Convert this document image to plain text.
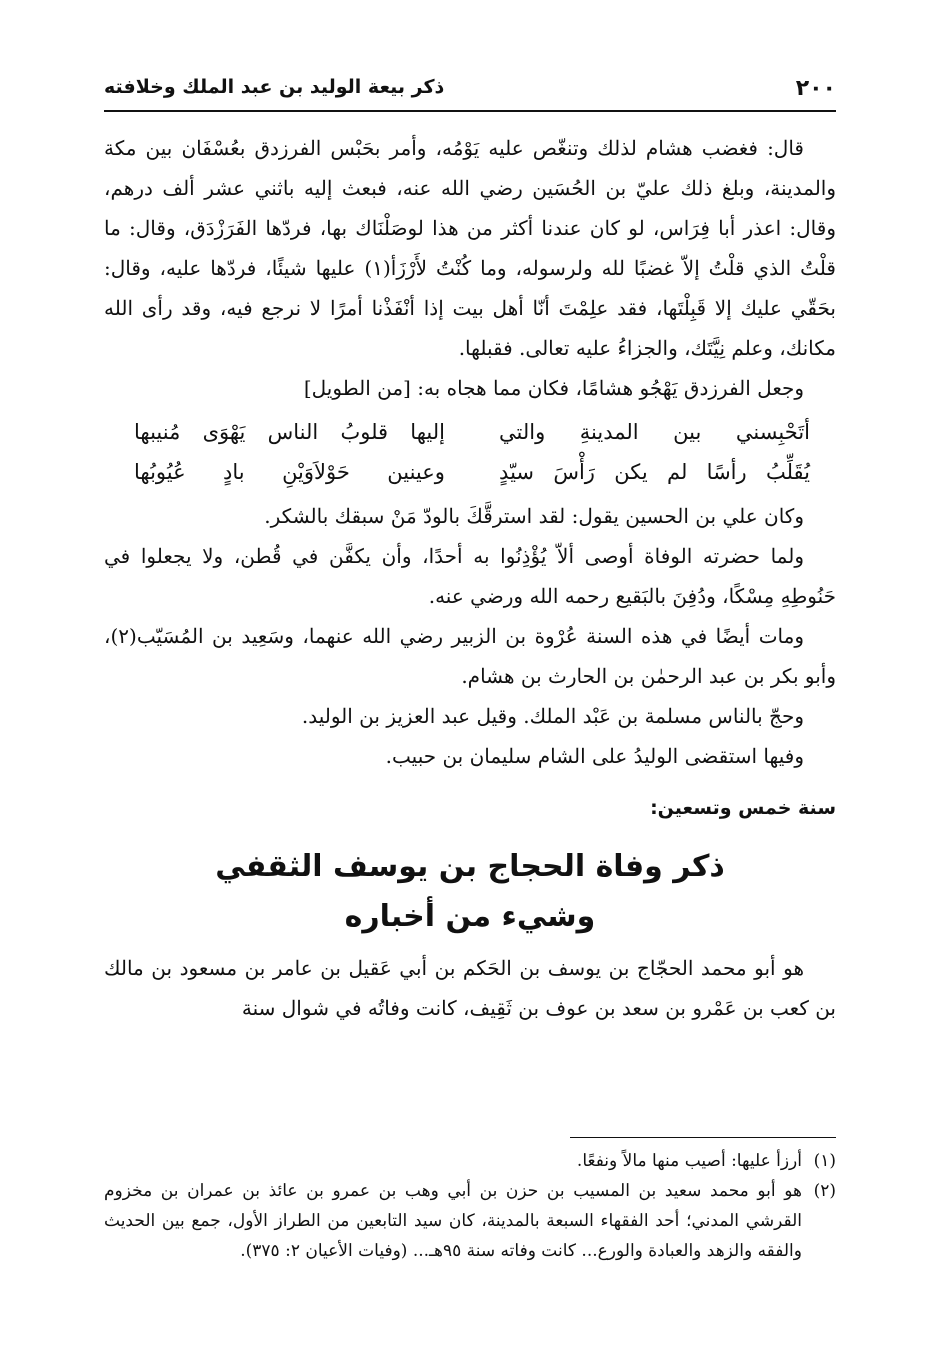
٢٠٠
ذكر بيعة الوليد بن عبد الملك وخلافته

قال: فغضب هشام لذلك وتنغّص عليه يَوْمُه، وأمر بحَبْس الفرزدق بعُسْفَان بين مكة والمدينة، وبلغ ذلك عليّ بن الحُسَين رضي الله عنه، فبعث إليه باثني عشر ألف درهم، وقال: اعذر أبا فِرَاس، لو كان عندنا أكثر من هذا لوصَلْنَاك بها، فردّها الفَرَزْدَق، وقال: ما قلْتُ الذي قلْتُ إلاّ غضبًا لله ولرسوله، وما كُنْتُ لأَرْزَأ(١) عليها شيئًا، فردّها عليه، وقال: بحَقّي عليك إلا قَبِلْتَها، فقد علِمْتَ أنّا أهل بيت إذا أنْفَذْنا أمرًا لا نرجع فيه، وقد رأى الله مكانك، وعلم نِيَّتَك، والجزاءُ عليه تعالى. فقبلها.

وجعل الفرزدق يَهْجُو هشامًا، فكان مما هجاه به: [من الطويل]

أتَحْبِسني بين المدينةِ والتي
إليها قلوبُ الناس يَهْوَى مُنيبها
يُقَلِّبُ رأسًا لم يكن رَأْسَ سيّدٍ
وعينين حَوْلاَوَيْنِ بادٍ عُيُوبُها

وكان علي بن الحسين يقول: لقد استرقَّكَ بالودّ مَنْ سبقك بالشكر.

ولما حضرته الوفاة أوصى ألاّ يُؤْذِنُوا به أحدًا، وأن يكفَّن في قُطن، ولا يجعلوا في حَنُوطِهِ مِسْكًا، ودُفِنَ بالبَقيع رحمه الله ورضي عنه.

ومات أيضًا في هذه السنة عُرْوة بن الزبير رضي الله عنهما، وسَعِيد بن المُسَيّب(٢)، وأبو بكر بن عبد الرحمٰن بن الحارث بن هشام.

وحجّ بالناس مسلمة بن عَبْد الملك. وقيل عبد العزيز بن الوليد.

وفيها استقضى الوليدُ على الشام سليمان بن حبيب.

سنة خمس وتسعين:
ذكر وفاة الحجاج بن يوسف الثقفي
وشيء من أخباره

هو أبو محمد الحجّاج بن يوسف بن الحَكم بن أبي عَقيل بن عامر بن مسعود بن مالك بن كعب بن عَمْرو بن سعد بن عوف بن ثَقِيف، كانت وفاتُه في شوال سنة

(١)
أرزأ عليها: أصيب منها مالاً ونفعًا.
(٢)
هو أبو محمد سعيد بن المسيب بن حزن بن أبي وهب بن عمرو بن عائذ بن عمران بن مخزوم القرشي المدني؛ أحد الفقهاء السبعة بالمدينة، كان سيد التابعين من الطراز الأول، جمع بين الحديث والفقه والزهد والعبادة والورع... كانت وفاته سنة ٩٥هـ... (وفيات الأعيان ٢: ٣٧٥).
